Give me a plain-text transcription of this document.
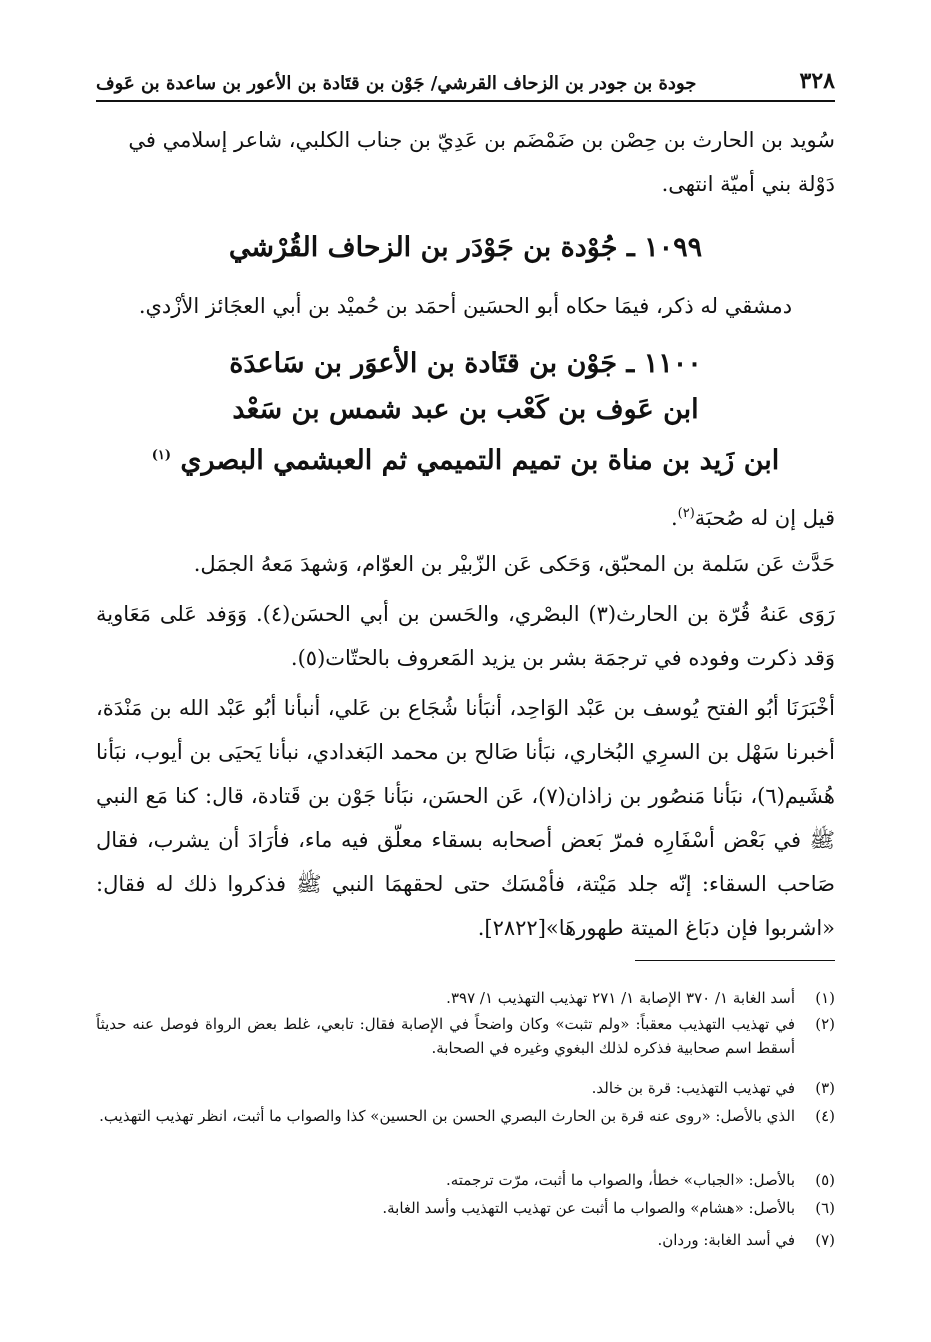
٣٢٨
جودة بن جودر بن الزحاف القرشي/ جَوْن بن قتَادة بن الأعور بن ساعدة بن عَوف
سُويد بن الحارث بن حِصْن بن ضَمْضَم بن عَدِيّ بن جناب الكلبي، شاعر إسلامي في
دَوْلة بني أميّة انتهى.
١٠٩٩ ـ جُوْدة بن جَوْدَر بن الزحاف القُرْشي
دمشقي له ذكر، فيمَا حكاه أبو الحسَين أحمَد بن حُميْد بن أبي العجَائز الأزْدي.
١١٠٠ ـ جَوْن بن قتَادة بن الأعوَر بن سَاعدَة
ابن عَوف بن كَعْب بن عبد شمس بن سَعْد
ابن زَيد بن مناة بن تميم التميمي ثم العبشمي البصري $^{(١)}$
قيل إن له صُحبَة$^{(٢)}$.
حَدَّث عَن سَلمة بن المحبّق، وَحَكى عَن الزّبيْر بن العوّام، وَشهدَ مَعهُ الجمَل.
رَوَى عَنهُ قُرّة بن الحارث(٣) البصْري، والحَسن بن أبي الحسَن(٤). وَوَفد عَلى مَعَاوية وَقد ذكرت وفوده في ترجمَة بشر بن يزيد المَعروف بالحتّات(٥).
أخْبَرَنَا أبُو الفتح يُوسف بن عَبْد الوَاحِد، أنبَأنا شُجَاع بن عَلي، أنبأنا أبُو عَبْد الله بن مَنْدَة، أخبرنا سَهْل بن السرِي البُخاري، نبَأنا صَالح بن محمد البَغدادي، نبأنا يَحيَى بن أيوب، نبَأنا هُشَيم(٦)، نبَأنا مَنصُور بن زاذان(٧)، عَن الحسَن، نبَأنا جَوْن بن قَتادة، قال: كنا مَع النبي ﷺ في بَعْض أسْفَارِه فمرّ بَعض أصحابه بسقاء معلّق فيه ماء، فأرَادَ أن يشرب، فقال صَاحب السقاء: إنّه جلد مَيْتة، فأمْسَك حتى لحقهمَا النبي ﷺ فذكروا ذلك له فقال: «اشربوا فإن دبَاغ الميتة طهورهَا»[٢٨٢٢].
(١)
أسد الغابة ١/ ٣٧٠ الإصابة ١/ ٢٧١ تهذيب التهذيب ١/ ٣٩٧.
(٢)
في تهذيب التهذيب معقباً: «ولم تثبت» وكان واضحاً في الإصابة فقال: تابعي، غلط بعض الرواة فوصل عنه حديثاً أسقط اسم صحابية فذكره لذلك البغوي وغيره في الصحابة.
(٣)
في تهذيب التهذيب: قرة بن خالد.
(٤)
الذي بالأصل: «روى عنه قرة بن الحارث البصري الحسن بن الحسين» كذا والصواب ما أثبت، انظر تهذيب التهذيب.
(٥)
بالأصل: «الجباب» خطأ، والصواب ما أثبت، مرّت ترجمته.
(٦)
بالأصل: «هشام» والصواب ما أثبت عن تهذيب التهذيب وأسد الغابة.
(٧)
في أسد الغابة: وردان.
